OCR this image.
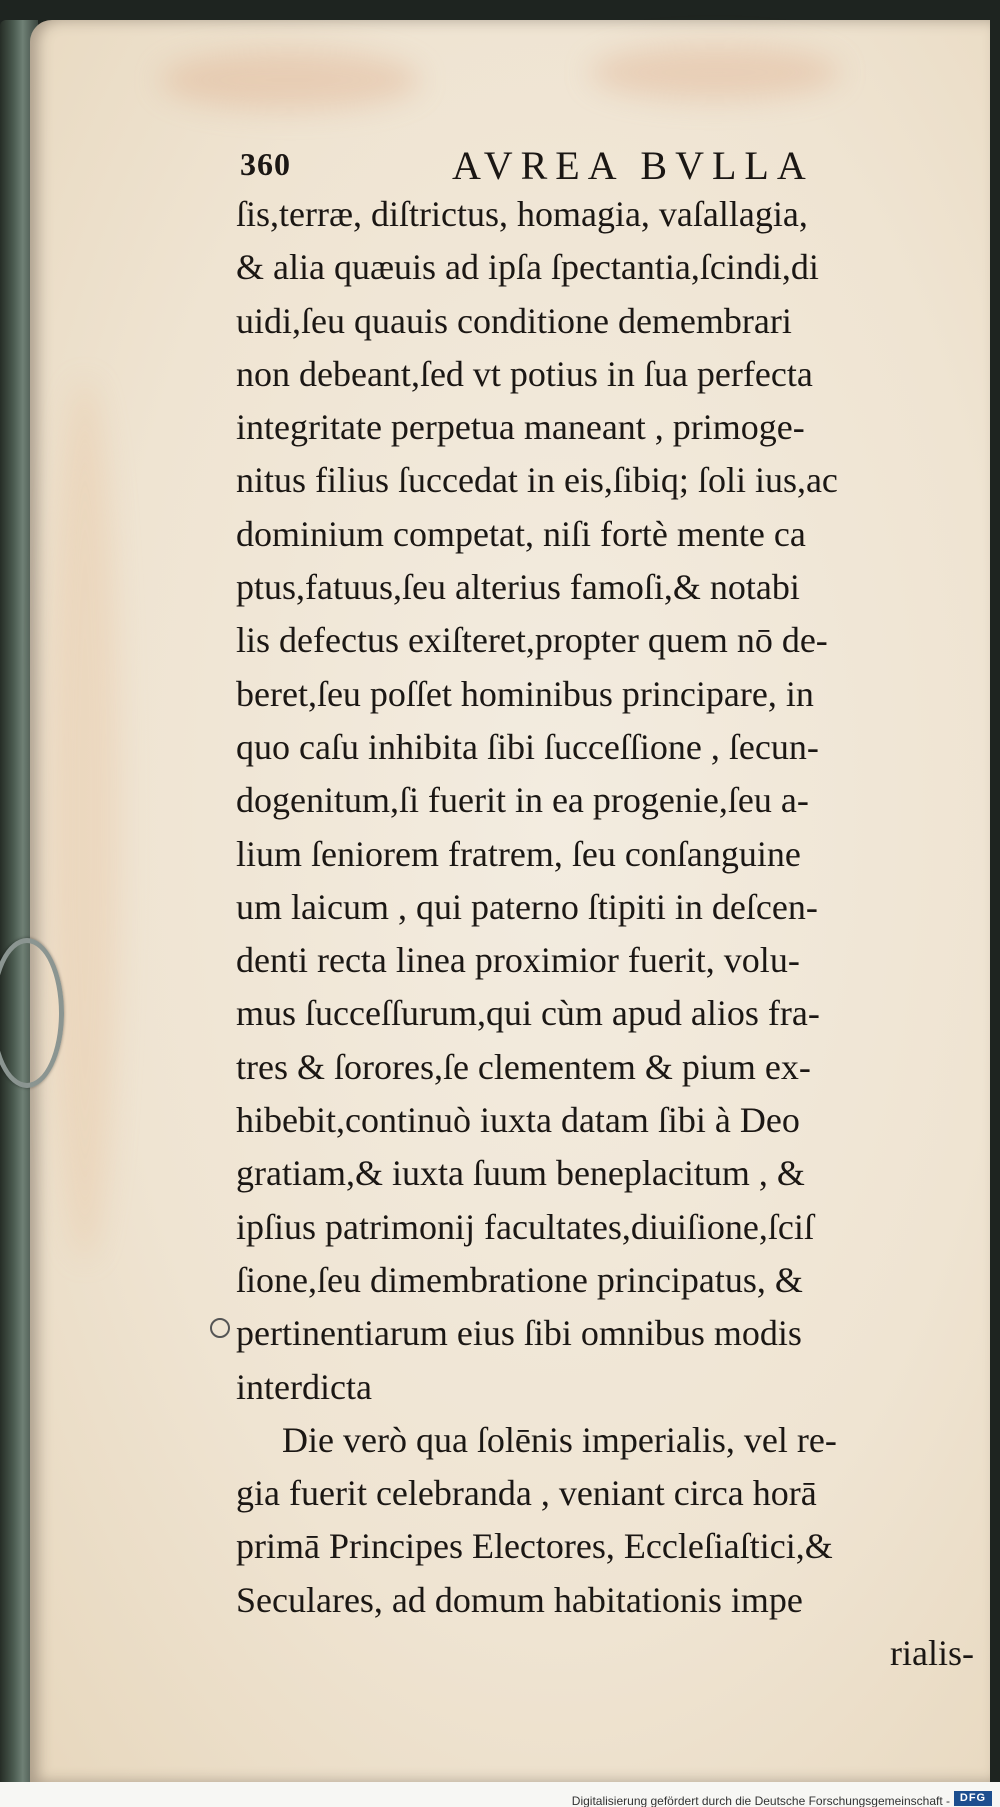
360	AVREA BVLLA
ſis,terræ, diſtrictus, homagia, vaſallagia,
& alia quæuis ad ipſa ſpectantia,ſcindi,di
uidi,ſeu quauis conditione demembrari
non debeant,ſed vt potius in ſua perfecta
integritate perpetua maneant , primoge-
nitus filius ſuccedat in eis,ſibiq; ſoli ius,ac
dominium competat, niſi fortè mente ca
ptus,fatuus,ſeu alterius famoſi,& notabi
lis defectus exiſteret,propter quem nō de-
beret,ſeu poſſet hominibus principare, in
quo caſu inhibita ſibi ſucceſſione , ſecun-
dogenitum,ſi fuerit in ea progenie,ſeu a-
lium ſeniorem fratrem, ſeu conſanguine
um laicum , qui paterno ſtipiti in deſcen-
denti recta linea proximior fuerit, volu-
mus ſucceſſurum,qui cùm apud alios fra-
tres & ſorores,ſe clementem & pium ex-
hibebit,continuò iuxta datam ſibi à Deo
gratiam,& iuxta ſuum beneplacitum , &
ipſius patrimonij facultates,diuiſione,ſciſ
ſione,ſeu dimembratione principatus, &
pertinentiarum eius ſibi omnibus modis
interdicta
Die verò qua ſolēnis imperialis, vel re-
gia fuerit celebranda , veniant circa horā
primā Principes Electores, Eccleſiaſtici,&
Seculares, ad domum habitationis impe
rialis-
Digitalisierung gefördert durch die Deutsche Forschungsgemeinschaft - DFG
